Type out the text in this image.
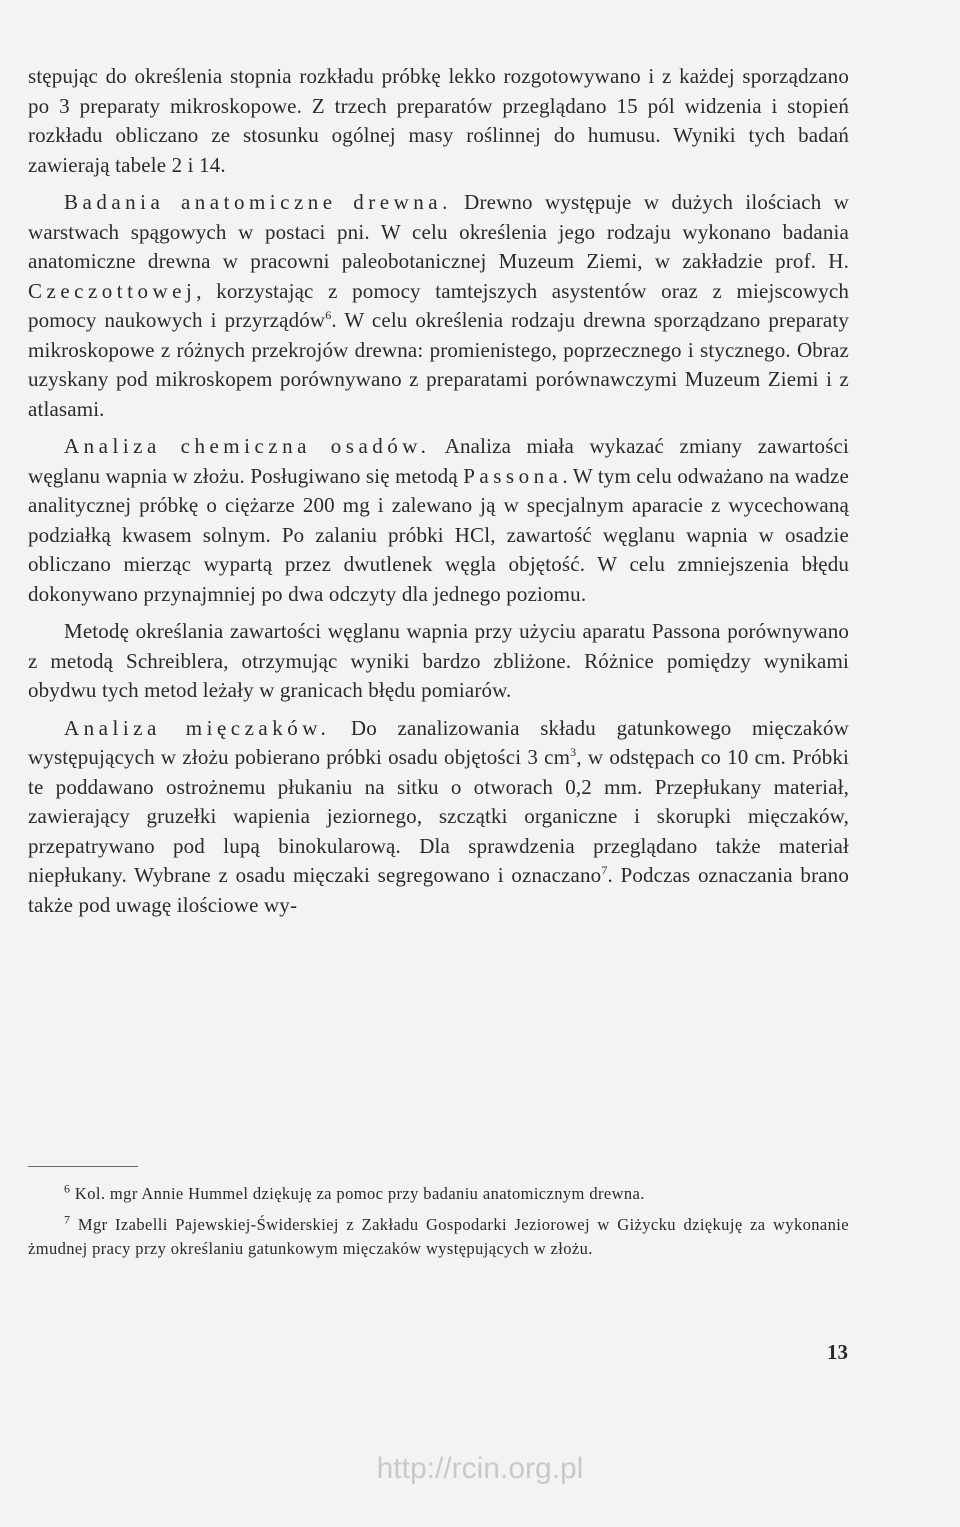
stępując do określenia stopnia rozkładu próbkę lekko rozgotowywano i z każdej sporządzano po 3 preparaty mikroskopowe. Z trzech preparatów przeglądano 15 pól widzenia i stopień rozkładu obliczano ze stosunku ogólnej masy roślinnej do humusu. Wyniki tych badań zawierają tabele 2 i 14.

Badania anatomiczne drewna. Drewno występuje w dużych ilościach w warstwach spągowych w postaci pni. W celu określenia jego rodzaju wykonano badania anatomiczne drewna w pracowni paleobotanicznej Muzeum Ziemi, w zakładzie prof. H. Czeczottowej, korzystając z pomocy tamtejszych asystentów oraz z miejscowych pomocy naukowych i przyrządów$^6$. W celu określenia rodzaju drewna sporządzano preparaty mikroskopowe z różnych przekrojów drewna: promienistego, poprzecznego i stycznego. Obraz uzyskany pod mikroskopem porównywano z preparatami porównawczymi Muzeum Ziemi i z atlasami.

Analiza chemiczna osadów. Analiza miała wykazać zmiany zawartości węglanu wapnia w złożu. Posługiwano się metodą Passona. W tym celu odważano na wadze analitycznej próbkę o ciężarze 200 mg i zalewano ją w specjalnym aparacie z wycechowaną podziałką kwasem solnym. Po zalaniu próbki HCl, zawartość węglanu wapnia w osadzie obliczano mierząc wypartą przez dwutlenek węgla objętość. W celu zmniejszenia błędu dokonywano przynajmniej po dwa odczyty dla jednego poziomu.

Metodę określania zawartości węglanu wapnia przy użyciu aparatu Passona porównywano z metodą Schreiblera, otrzymując wyniki bardzo zbliżone. Różnice pomiędzy wynikami obydwu tych metod leżały w granicach błędu pomiarów.

Analiza mięczaków. Do zanalizowania składu gatunkowego mięczaków występujących w złożu pobierano próbki osadu objętości 3 $cm^3$, w odstępach co 10 cm. Próbki te poddawano ostrożnemu płukaniu na sitku o otworach 0,2 mm. Przepłukany materiał, zawierający gruzełki wapienia jeziornego, szczątki organiczne i skorupki mięczaków, przepatrywano pod lupą binokularową. Dla sprawdzenia przeglądano także materiał niepłukany. Wybrane z osadu mięczaki segregowano i oznaczano$^7$. Podczas oznaczania brano także pod uwagę ilościowe wy-

$^6$ Kol. mgr Annie Hummel dziękuję za pomoc przy badaniu anatomicznym drewna.

$^7$ Mgr Izabelli Pajewskiej-Świderskiej z Zakładu Gospodarki Jeziorowej w Giżycku dziękuję za wykonanie żmudnej pracy przy określaniu gatunkowym mięczaków występujących w złożu.

13
http://rcin.org.pl
